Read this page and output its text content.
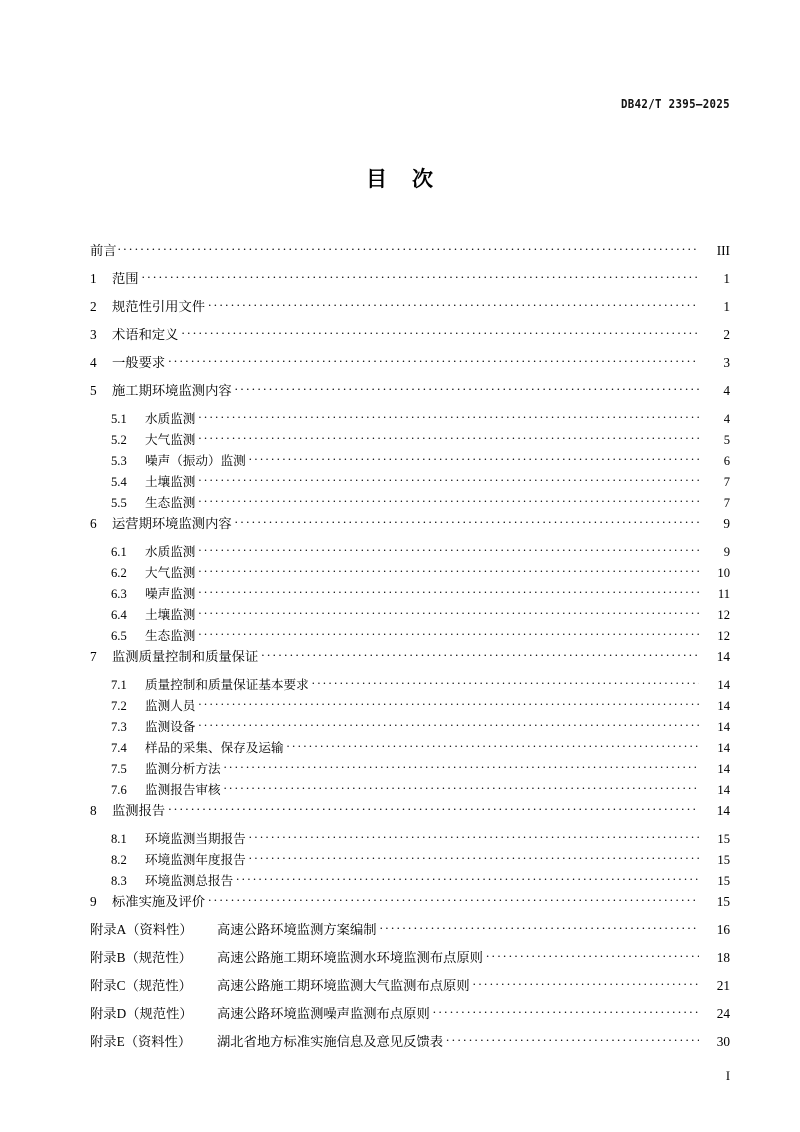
DB42/T 2395—2025
目 次
前言 .....	III
1	范围 .....	1
2	规范性引用文件 .....	1
3	术语和定义 .....	2
4	一般要求 .....	3
5	施工期环境监测内容 .....	4
5.1	水质监测 .....	4
5.2	大气监测 .....	5
5.3	噪声（振动）监测 .....	6
5.4	土壤监测 .....	7
5.5	生态监测 .....	7
6	运营期环境监测内容 .....	9
6.1	水质监测 .....	9
6.2	大气监测 .....	10
6.3	噪声监测 .....	11
6.4	土壤监测 .....	12
6.5	生态监测 .....	12
7	监测质量控制和质量保证 .....	14
7.1	质量控制和质量保证基本要求 .....	14
7.2	监测人员 .....	14
7.3	监测设备 .....	14
7.4	样品的采集、保存及运输 .....	14
7.5	监测分析方法 .....	14
7.6	监测报告审核 .....	14
8	监测报告 .....	14
8.1	环境监测当期报告 .....	15
8.2	环境监测年度报告 .....	15
8.3	环境监测总报告 .....	15
9	标准实施及评价 .....	15
附录A（资料性）	高速公路环境监测方案编制 .....	16
附录B（规范性）	高速公路施工期环境监测水环境监测布点原则 .....	18
附录C（规范性）	高速公路施工期环境监测大气监测布点原则 .....	21
附录D（规范性）	高速公路环境监测噪声监测布点原则 .....	24
附录E（资料性）	湖北省地方标准实施信息及意见反馈表 .....	30
I
